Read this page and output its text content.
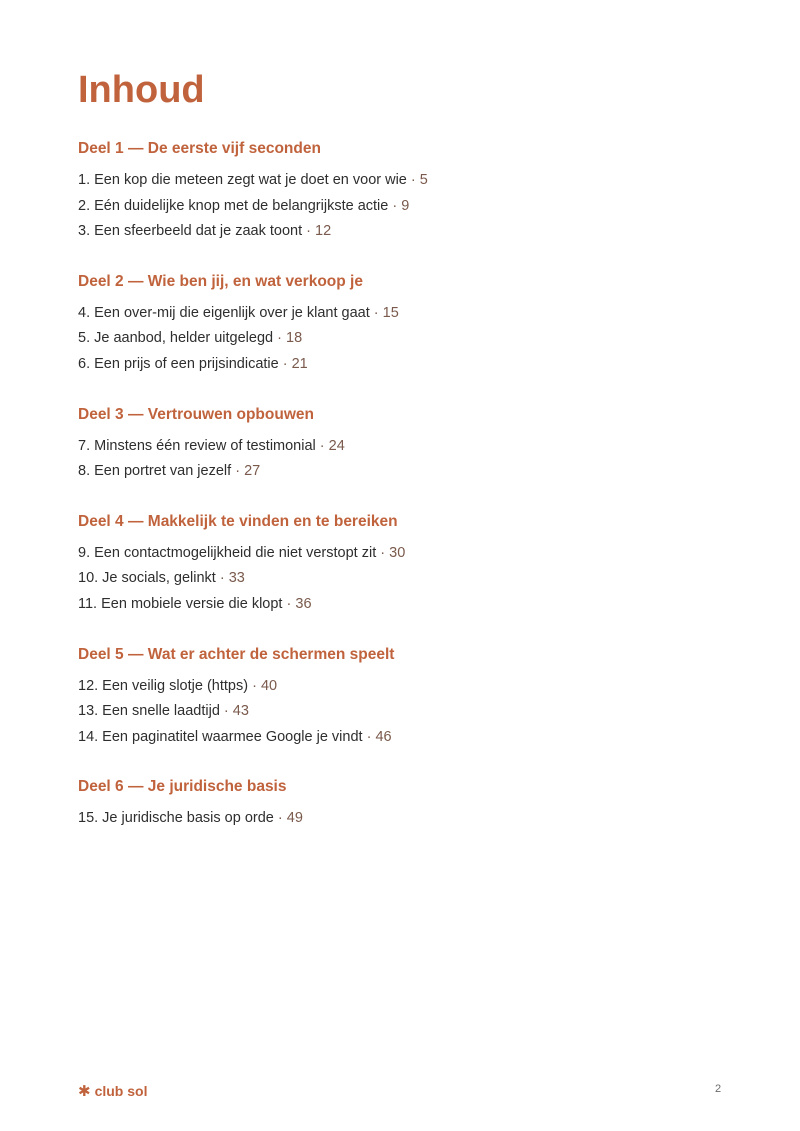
Inhoud
Deel 1 — De eerste vijf seconden
1. Een kop die meteen zegt wat je doet en voor wie · 5
2. Eén duidelijke knop met de belangrijkste actie · 9
3. Een sfeerbeeld dat je zaak toont · 12
Deel 2 — Wie ben jij, en wat verkoop je
4. Een over-mij die eigenlijk over je klant gaat · 15
5. Je aanbod, helder uitgelegd · 18
6. Een prijs of een prijsindicatie · 21
Deel 3 — Vertrouwen opbouwen
7. Minstens één review of testimonial · 24
8. Een portret van jezelf · 27
Deel 4 — Makkelijk te vinden en te bereiken
9. Een contactmogelijkheid die niet verstopt zit · 30
10. Je socials, gelinkt · 33
11. Een mobiele versie die klopt · 36
Deel 5 — Wat er achter de schermen speelt
12. Een veilig slotje (https) · 40
13. Een snelle laadtijd · 43
14. Een paginatitel waarmee Google je vindt · 46
Deel 6 — Je juridische basis
15. Je juridische basis op orde · 49
✱ club sol	2
